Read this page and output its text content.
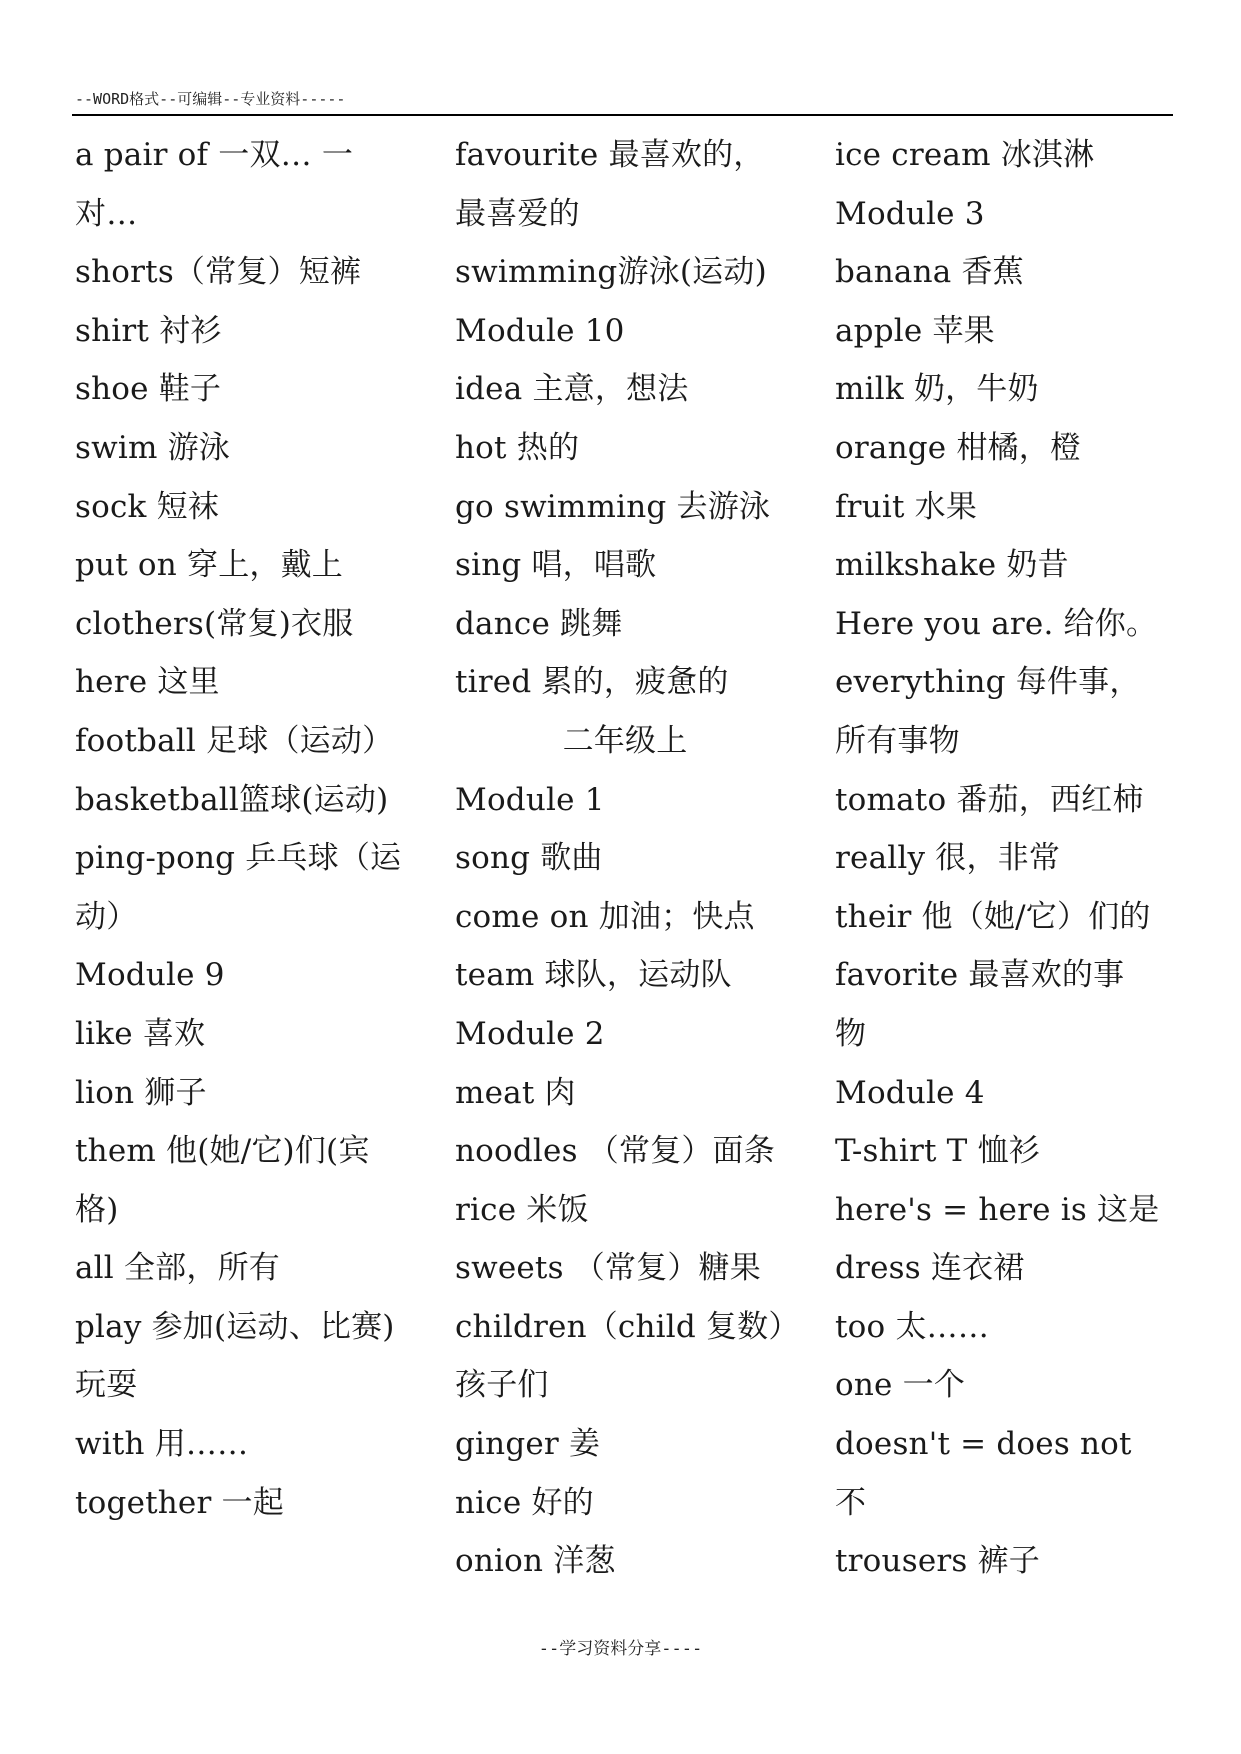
--WORD格式--可编辑--专业资料-----
a pair of 一双… 一
对…
shorts（常复）短裤
shirt 衬衫
shoe 鞋子
swim 游泳
sock 短袜
put on 穿上，戴上
clothers(常复)衣服
here 这里
football 足球（运动）
basketball篮球(运动)
ping-pong 乒乓球（运
动）
Module 9
like 喜欢
lion 狮子
them 他(她/它)们(宾
格)
all 全部，所有
play 参加(运动、比赛)
玩耍
with 用……
together 一起
favourite 最喜欢的，
最喜爱的
swimming游泳(运动)
Module 10
idea 主意，想法
hot 热的
go swimming 去游泳
sing 唱，唱歌
dance 跳舞
tired 累的，疲惫的
二年级上
Module 1
song 歌曲
come on 加油；快点
team 球队，运动队
Module 2
meat 肉
noodles （常复）面条
rice 米饭
sweets （常复）糖果
children（child 复数）
孩子们
ginger 姜
nice 好的
onion 洋葱
ice cream 冰淇淋
Module 3
banana 香蕉
apple 苹果
milk 奶，牛奶
orange 柑橘，橙
fruit 水果
milkshake 奶昔
Here you are. 给你。
everything 每件事，
所有事物
tomato 番茄，西红柿
really 很，非常
their 他（她/它）们的
favorite 最喜欢的事
物
Module 4
T-shirt T 恤衫
here's = here is 这是
dress 连衣裙
too 太……
one 一个
doesn't = does not
不
trousers 裤子
--学习资料分享----
